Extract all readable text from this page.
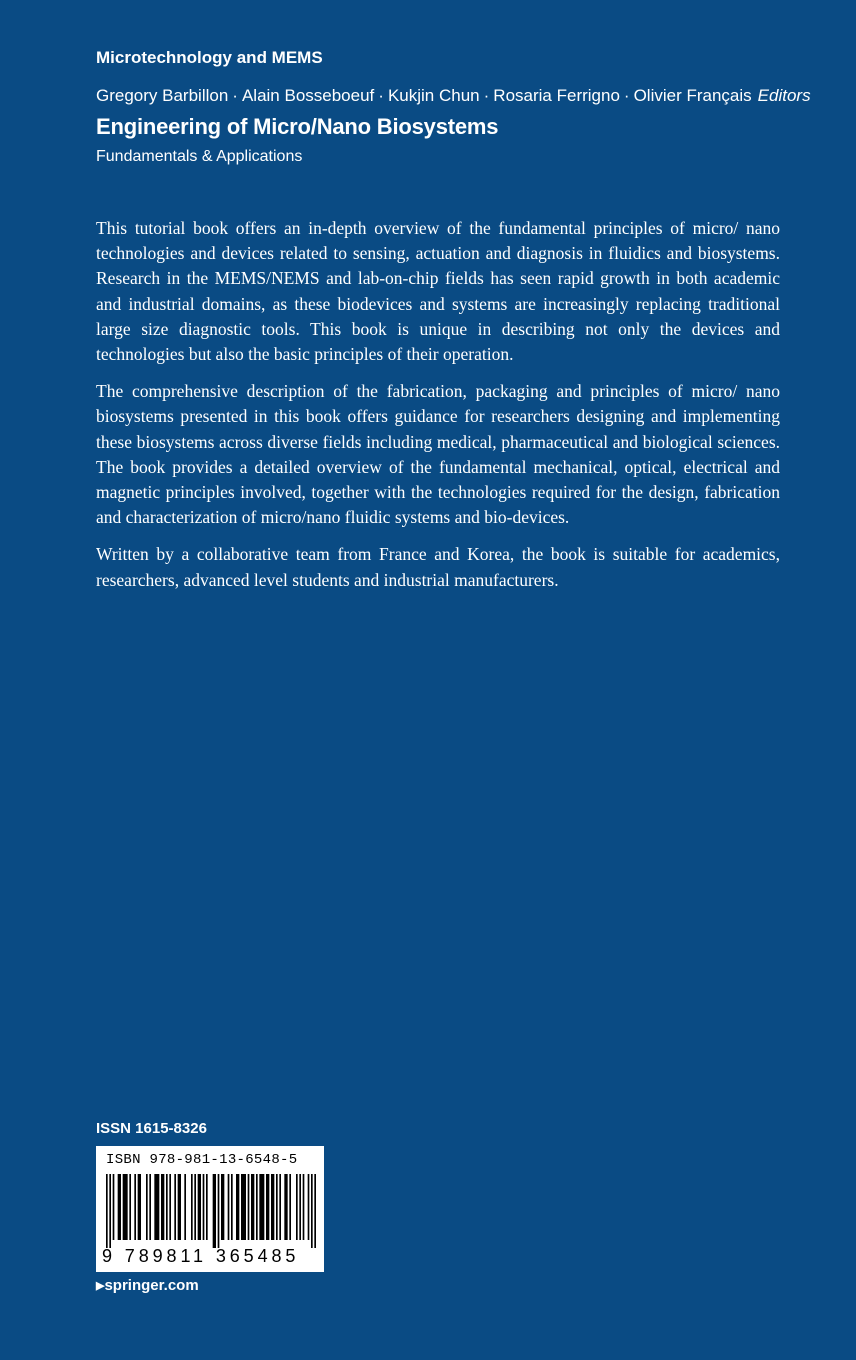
Microtechnology and MEMS
Gregory Barbillon · Alain Bosseboeuf · Kukjin Chun · Rosaria Ferrigno · Olivier Français Editors
Engineering of Micro/Nano Biosystems
Fundamentals & Applications

This tutorial book offers an in-depth overview of the fundamental principles of micro/ nano technologies and devices related to sensing, actuation and diagnosis in fluidics and biosystems. Research in the MEMS/NEMS and lab-on-chip fields has seen rapid growth in both academic and industrial domains, as these biodevices and systems are increasingly replacing traditional large size diagnostic tools. This book is unique in describing not only the devices and technologies but also the basic principles of their operation.

The comprehensive description of the fabrication, packaging and principles of micro/ nano biosystems presented in this book offers guidance for researchers designing and implementing these biosystems across diverse fields including medical, pharmaceutical and biological sciences. The book provides a detailed overview of the fundamental mechanical, optical, electrical and magnetic principles involved, together with the technologies required for the design, fabrication and characterization of micro/nano fluidic systems and bio-devices.

Written by a collaborative team from France and Korea, the book is suitable for academics, researchers, advanced level students and industrial manufacturers.

ISSN 1615-8326
ISBN 978-981-13-6548-5
9 789811 365485
▶springer.com
